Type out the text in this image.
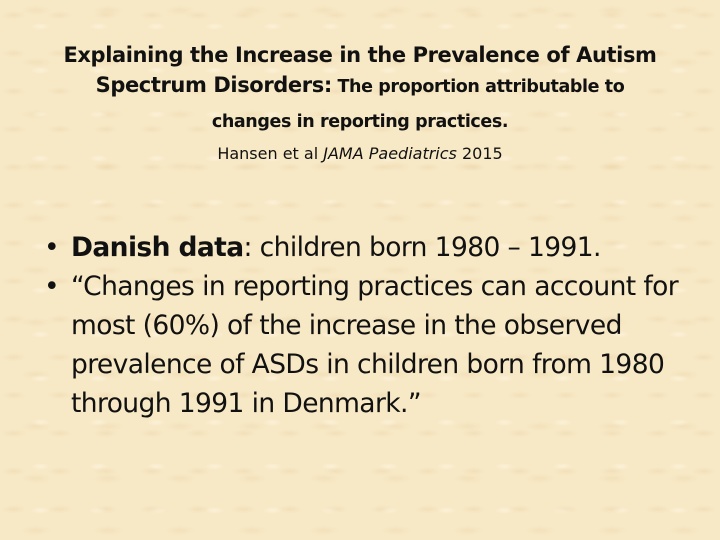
Explaining the Increase in the Prevalence of Autism
Spectrum Disorders: The proportion attributable to
changes in reporting practices.
Hansen et al JAMA Paediatrics 2015
• Danish data: children born 1980 – 1991.
• “Changes in reporting practices can account for most (60%) of the increase in the observed prevalence of ASDs in children born from 1980 through 1991 in Denmark.”
